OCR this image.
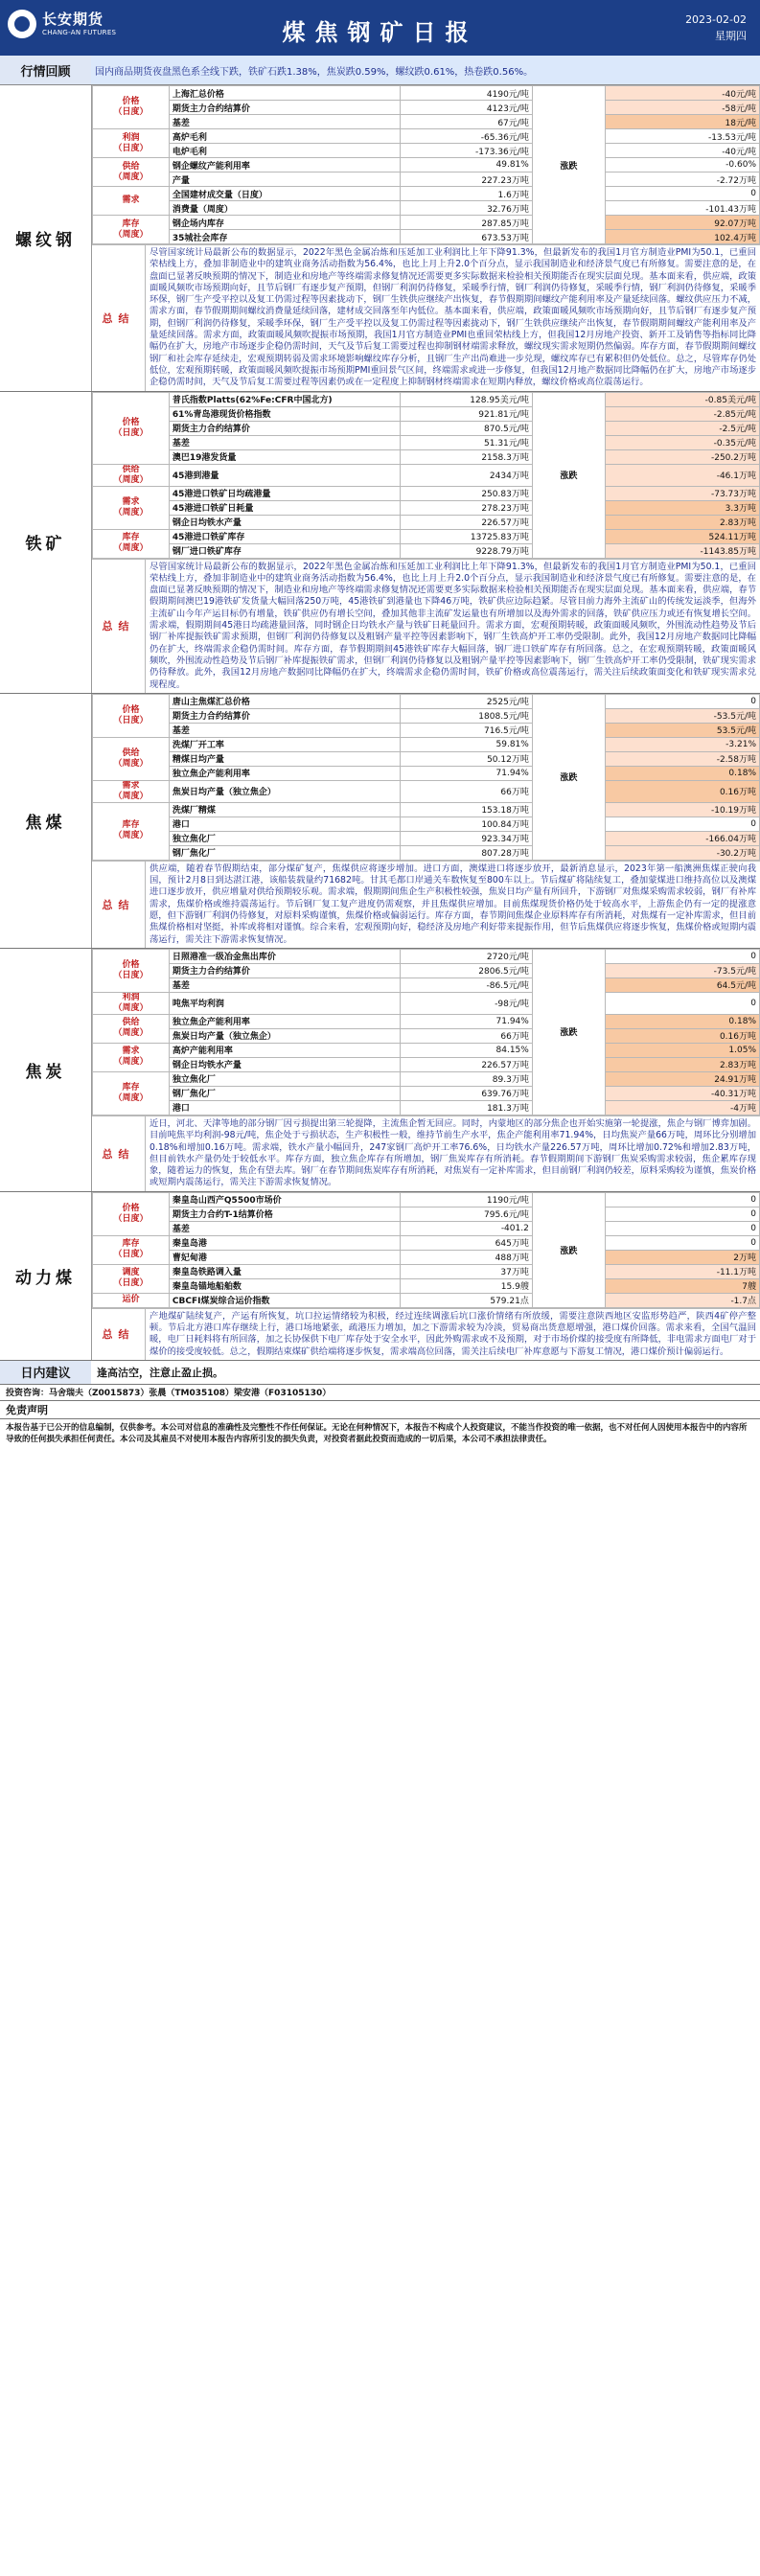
长安期货
CHANG-AN FUTURES	煤焦钢矿日报	2023-02-02
星期四
行情回顾	国内商品期货夜盘黑色系全线下跌，铁矿石跌1.38%，焦炭跌0.59%，螺纹跌0.61%，热卷跌0.56%。
螺纹钢
价格
（日度）	上海汇总价格	4190元/吨	涨跌	-40元/吨
	期货主力合约结算价	4123元/吨		-58元/吨
	基差	67元/吨		18元/吨
利润
（日度）	高炉毛利	-65.36元/吨		-13.53元/吨
	电炉毛利	-173.36元/吨		-40元/吨
供给
（周度）	钢企螺纹产能利用率	49.81%		-0.60%
	产量	227.23万吨		-2.72万吨
需求	全国建材成交量（日度）	1.6万吨		0
	消费量（周度）	32.76万吨		-101.43万吨
库存
（周度）	钢企场内库存	287.85万吨		92.07万吨
	35城社会库存	673.53万吨		102.4万吨
总结
尽管国家统计局最新公布的数据显示，2022年黑色金属冶炼和压延加工业利润比上年下降91.3%，但最新发布的我国1月官方制造业PMI为50.1，已重回荣枯线上方，叠加非制造业中的建筑业商务活动指数为56.4%，也比上月上升2.0个百分点，显示我国制造业和经济景气度已有所修复。需要注意的是，在盘面已显著反映预期的情况下，制造业和房地产等终端需求修复情况还需要更多实际数据来检验相关预期能否在现实层面兑现。基本面来看，供应端，政策面暖风频吹市场预期向好，且节后钢厂有逐步复产预期，但钢厂利润仍待修复，采暖季行情，钢厂利润仍待修复，采暖季行情，钢厂利润仍待修复，采暖季环保，钢厂生产受平控以及复工仍需过程等因素拢动下，钢厂生铁供应继续产出恢复，春节假期期间螺纹产能利用率及产量延续回落。螺纹供应压力不减，需求方面，春节假期期间螺纹消费量延续回落，建材成交回落至年内低位。基本面来看，供应端，政策面暖风频吹市场预期向好，且节后钢厂有逐步复产预期，但钢厂利润仍待修复，采暖季环保，钢厂生产受平控以及复工仍需过程等因素拢动下，钢厂生铁供应继续产出恢复，春节假期期间螺纹产能利用率及产量延续回落。需求方面，政策面暖风频吹提振市场预期，我国1月官方制造业PMI也重回荣枯线上方，但我国12月房地产投资、新开工及销售等指标同比降幅仍在扩大，房地产市场逐步企稳仍需时间，天气及节后复工需要过程也抑制钢材端需求释放，螺纹现实需求短期仍然偏弱。库存方面，春节假期期间螺纹钢厂和社会库存延续走，宏观预期转弱及需求环境影响螺纹库存分析，且钢厂生产出尚难进一步兑现，螺纹库存已有累积但仍处低位。总之，尽管库存仍处低位，宏观预期转暖，政策面暖风频吹提振市场预期PMI重回景气区间，终端需求或进一步修复，但我国12月地产数据同比降幅仍在扩大，房地产市场逐步企稳仍需时间，天气及节后复工需要过程等因素仍或在一定程度上抑制钢材终端需求在短期内释放，螺纹价格或高位震荡运行。
铁矿
价格
（日度）	普氏指数Platts(62%Fe:CFR中国北方)	128.95美元/吨	涨跌	-0.85美元/吨
	61%青岛港现货价格指数	921.81元/吨		-2.85元/吨
	期货主力合约结算价	870.5元/吨		-2.5元/吨
	基差	51.31元/吨		-0.35元/吨
	澳巴19港发货量	2158.3万吨		-250.2万吨
供给
（周度）	45港到港量	2434万吨		-46.1万吨
需求
（周度）	45港进口铁矿日均疏港量	250.83万吨		-73.73万吨
	45港进口铁矿日耗量	278.23万吨		3.3万吨
	钢企日均铁水产量	226.57万吨		2.83万吨
库存
（周度）	45港进口铁矿库存	13725.83万吨		524.11万吨
	钢厂进口铁矿库存	9228.79万吨		-1143.85万吨
总结
尽管国家统计局最新公布的数据显示，2022年黑色金属冶炼和压延加工业利润比上年下降91.3%，但最新发布的我国1月官方制造业PMI为50.1，已重回荣枯线上方，叠加非制造业中的建筑业商务活动指数为56.4%，也比上月上升2.0个百分点，显示我国制造业和经济景气度已有所修复。需要注意的是，在盘面已显著反映预期的情况下，制造业和房地产等终端需求修复情况还需要更多实际数据来检验相关预期能否在现实层面兑现。基本面来看，供应端，春节假期期间澳巴19港铁矿发货量大幅回落250万吨，45港铁矿到港量也下降46万吨，铁矿供应边际趋紧。尽管目前力海外主流矿山的传统发运淡季，但海外主流矿山今年产运目标仍有增量，铁矿供应仍有增长空间，叠加其他非主流矿发运量也有所增加以及海外需求的回落，铁矿供应压力或还有恢复增长空间。需求端，假期期间45港日均疏港量回落，同时钢企日均铁水产量与铁矿日耗量回升。需求方面，宏观预期转暖，政策面暖风频吹，外围流动性趋势及节后钢厂补库提振铁矿需求预期，但钢厂利润仍待修复以及粗钢产量平控等因素影响下，钢厂生铁高炉开工率仍受限制。此外，我国12月房地产数据同比降幅仍在扩大，终端需求企稳仍需时间。库存方面，春节假期期间45港铁矿库存大幅回落，钢厂进口铁矿库存有所回落。总之，在宏观预期转暖，政策面暖风频吹，外围流动性趋势及节后钢厂补库提振铁矿需求，但钢厂利润仍待修复以及粗钢产量平控等因素影响下，钢厂生铁高炉开工率仍受限制，铁矿现实需求仍待释放。此外，我国12月房地产数据同比降幅仍在扩大，终端需求企稳仍需时间，铁矿价格或高位震荡运行，需关注后续政策面变化和铁矿现实需求兑现程度。
焦煤
价格
（日度）	唐山主焦煤汇总价格	2525元/吨	涨跌	0
	期货主力合约结算价	1808.5元/吨		-53.5元/吨
	基差	716.5元/吨		53.5元/吨
供给
（周度）	洗煤厂开工率	59.81%		-3.21%
	精煤日均产量	50.12万吨		-2.58万吨
	独立焦企产能利用率	71.94%		0.18%
需求
（周度）	焦炭日均产量（独立焦企）	66万吨		0.16万吨
库存
（周度）	洗煤厂精煤	153.18万吨		-10.19万吨
	港口	100.84万吨		0
	独立焦化厂	923.34万吨		-166.04万吨
	钢厂焦化厂	807.28万吨		-30.2万吨
总结
供应端，随着春节假期结束，部分煤矿复产，焦煤供应将逐步增加。进口方面，澳煤进口将逐步放开，最新消息显示，2023年第一船澳洲焦煤正驶向我国，预计2月8日到达湛江港，该船装载量约71682吨。甘其毛都口岸通关车数恢复至800车以上。节后煤矿将陆续复工，叠加蒙煤进口维持高位以及澳煤进口逐步放开，供应增量对供给预期较乐观。需求端，假期期间焦企生产积极性较强，焦炭日均产量有所回升，下游钢厂对焦煤采购需求较弱，钢厂有补库需求，焦煤价格或维持震荡运行。节后钢厂复工复产进度仍需观察，并且焦煤供应增加。目前焦煤现货价格仍处于较高水平，上游焦企仍有一定的提涨意愿，但下游钢厂利润仍待修复，对原料采购谨慎，焦煤价格或偏弱运行。库存方面，春节期间焦煤企业原料库存有所消耗，对焦煤有一定补库需求，但目前焦煤价格相对坚挺，补库或将相对谨慎。综合来看，宏观预期向好，稳经济及房地产利好带来提振作用，但节后焦煤供应将逐步恢复，焦煤价格或短期内震荡运行，需关注下游需求恢复情况。
焦炭
价格
（日度）	日照港准一级冶金焦出库价	2720元/吨	涨跌	0
	期货主力合约结算价	2806.5元/吨		-73.5元/吨
	基差	-86.5元/吨		64.5元/吨
利润
（周度）	吨焦平均利润	-98元/吨		0
供给
（周度）	独立焦企产能利用率	71.94%		0.18%
	焦炭日均产量（独立焦企）	66万吨		0.16万吨
需求
（周度）	高炉产能利用率	84.15%		1.05%
	钢企日均铁水产量	226.57万吨		2.83万吨
库存
（周度）	独立焦化厂	89.3万吨		24.91万吨
	钢厂焦化厂	639.76万吨		-40.31万吨
	港口	181.3万吨		-4万吨
总结
近日，河北、天津等地的部分钢厂因亏损提出第三轮提降，主流焦企暂无回应。同时，内蒙地区的部分焦企也开始实施第一轮提涨，焦企与钢厂博弈加剧。目前吨焦平均利润-98元/吨，焦企处于亏损状态，生产积极性一般，维持节前生产水平，焦企产能利用率71.94%，日均焦炭产量66万吨，周环比分别增加0.18%和增加0.16万吨。需求端，铁水产量小幅回升，247家钢厂高炉开工率76.6%，日均铁水产量226.57万吨，周环比增加0.72%和增加2.83万吨，但目前铁水产量仍处于较低水平。库存方面，独立焦企库存有所增加，钢厂焦炭库存有所消耗。春节假期期间下游钢厂焦炭采购需求较弱，焦企累库存现象，随着运力的恢复，焦企有望去库。钢厂在春节期间焦炭库存有所消耗，对焦炭有一定补库需求，但目前钢厂利润仍较差，原料采购较为谨慎，焦炭价格或短期内震荡运行，需关注下游需求恢复情况。
动力煤
价格
（日度）	秦皇岛山西产Q5500市场价	1190元/吨	涨跌	0
	期货主力合约T-1结算价格	795.6元/吨		0
	基差	-401.2		0
库存
（日度）	秦皇岛港	645万吨		0
	曹妃甸港	488万吨		2万吨
调度
（日度）	秦皇岛铁路调入量	37万吨		-11.1万吨
	秦皇岛锚地船舶数	15.9艘		7艘
运价	CBCFI煤炭综合运价指数	579.21点		-1.7点
总结
产地煤矿陆续复产，产运有所恢复，坑口拉运情绪较为积极，经过连续调涨后坑口涨价情绪有所放缓，需要注意陕西地区安监形势趋严，陕西4矿停产整顿。节后北方港口库存继续上行，港口场地紧张，疏港压力增加，加之下游需求较为冷淡，贸易商出货意愿增强，港口煤价回落。需求来看，全国气温回暖，电厂日耗料将有所回落，加之长协保供下电厂库存处于安全水平，因此外购需求或不及预期，对于市场价煤的接受度有所降低，非电需求方面电厂对于煤价的接受度较低。总之，假期结束煤矿供给端将逐步恢复，需求端高位回落，需关注后续电厂补库意愿与下游复工情况，港口煤价预计偏弱运行。
日内建议	逢高沽空，注意止盈止损。
投资咨询：马舍瑞夫（Z0015873）张晨（TM035108）梁安港（F03105130）
免责声明
本报告基于已公开的信息编制，仅供参考。本公司对信息的准确性及完整性不作任何保证。无论在何种情况下，本报告不构成个人投资建议，不能当作投资的唯一依据，也不对任何人因使用本报告中的内容所导致的任何损失承担任何责任。本公司及其雇员不对使用本报告内容所引发的损失负责，对投资者据此投资而造成的一切后果，本公司不承担法律责任。
